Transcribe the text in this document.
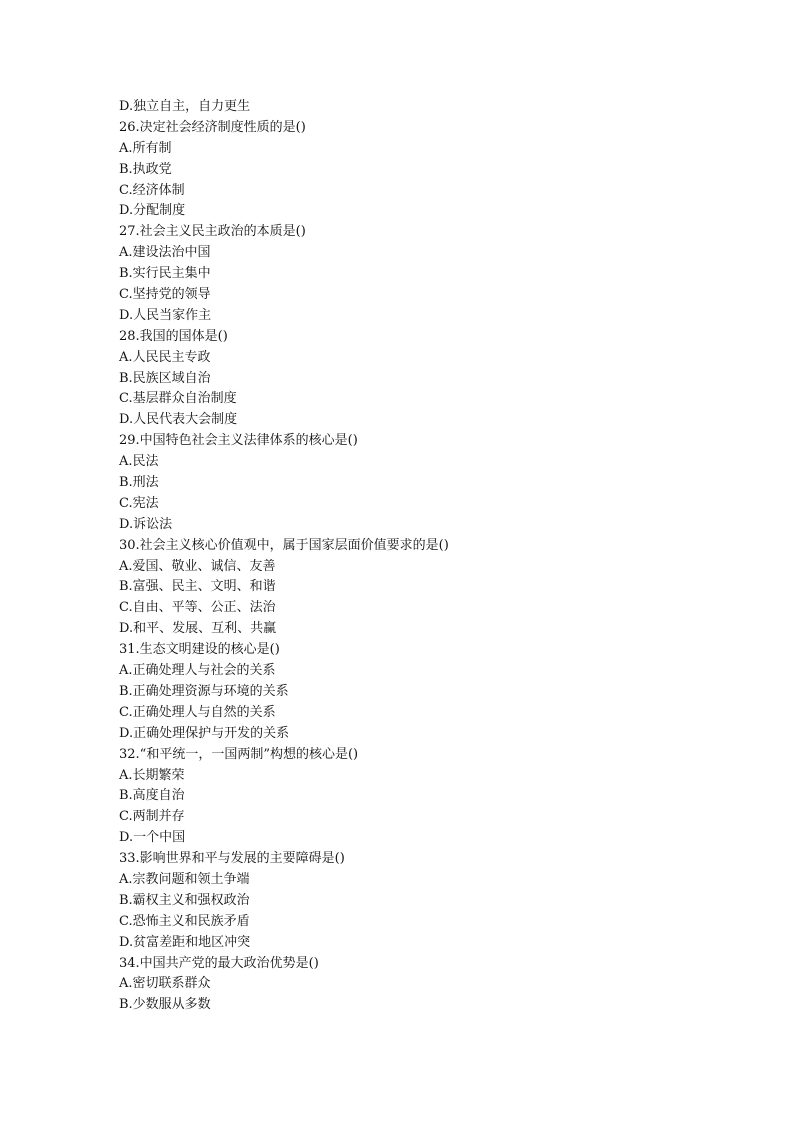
D.独立自主，自力更生
26.决定社会经济制度性质的是()
A.所有制
B.执政党
C.经济体制
D.分配制度
27.社会主义民主政治的本质是()
A.建设法治中国
B.实行民主集中
C.坚持党的领导
D.人民当家作主
28.我国的国体是()
A.人民民主专政
B.民族区域自治
C.基层群众自治制度
D.人民代表大会制度
29.中国特色社会主义法律体系的核心是()
A.民法
B.刑法
C.宪法
D.诉讼法
30.社会主义核心价值观中，属于国家层面价值要求的是()
A.爱国、敬业、诚信、友善
B.富强、民主、文明、和谐
C.自由、平等、公正、法治
D.和平、发展、互利、共赢
31.生态文明建设的核心是()
A.正确处理人与社会的关系
B.正确处理资源与环境的关系
C.正确处理人与自然的关系
D.正确处理保护与开发的关系
32.“和平统一，一国两制”构想的核心是()
A.长期繁荣
B.高度自治
C.两制并存
D.一个中国
33.影响世界和平与发展的主要障碍是()
A.宗教问题和领土争端
B.霸权主义和强权政治
C.恐怖主义和民族矛盾
D.贫富差距和地区冲突
34.中国共产党的最大政治优势是()
A.密切联系群众
B.少数服从多数
